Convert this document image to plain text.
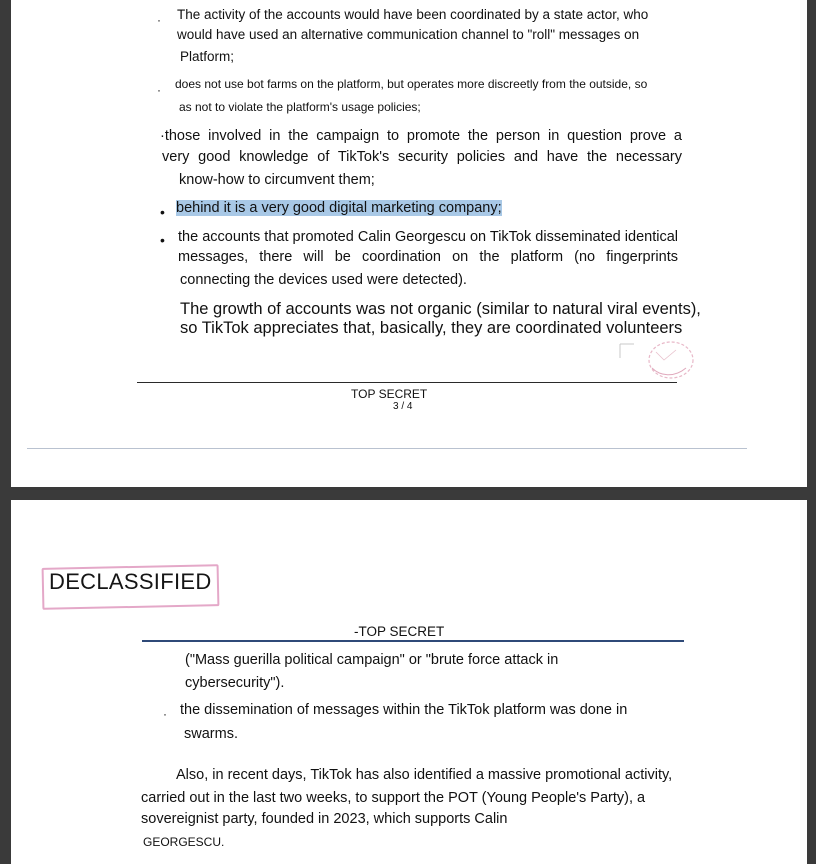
· The activity of the accounts would have been coordinated by a state actor, who
would have used an alternative communication channel to "roll" messages on
Platform;
· does not use bot farms on the platform, but operates more discreetly from the outside, so
as not to violate the platform's usage policies;
·those involved in the campaign to promote the person in question prove a
very good knowledge of TikTok's security policies and have the necessary
know-how to circumvent them;
• behind it is a very good digital marketing company;
• the accounts that promoted Calin Georgescu on TikTok disseminated identical
messages, there will be coordination on the platform (no fingerprints
connecting the devices used were detected).
The growth of accounts was not organic (similar to natural viral events),
so TikTok appreciates that, basically, they are coordinated volunteers
TOP SECRET
3 / 4
DECLASSIFIED
-TOP SECRET
("Mass guerilla political campaign" or "brute force attack in
cybersecurity").
· the dissemination of messages within the TikTok platform was done in
swarms.
Also, in recent days, TikTok has also identified a massive promotional activity,
carried out in the last two weeks, to support the POT (Young People's Party), a
sovereignist party, founded in 2023, which supports Calin
GEORGESCU.
